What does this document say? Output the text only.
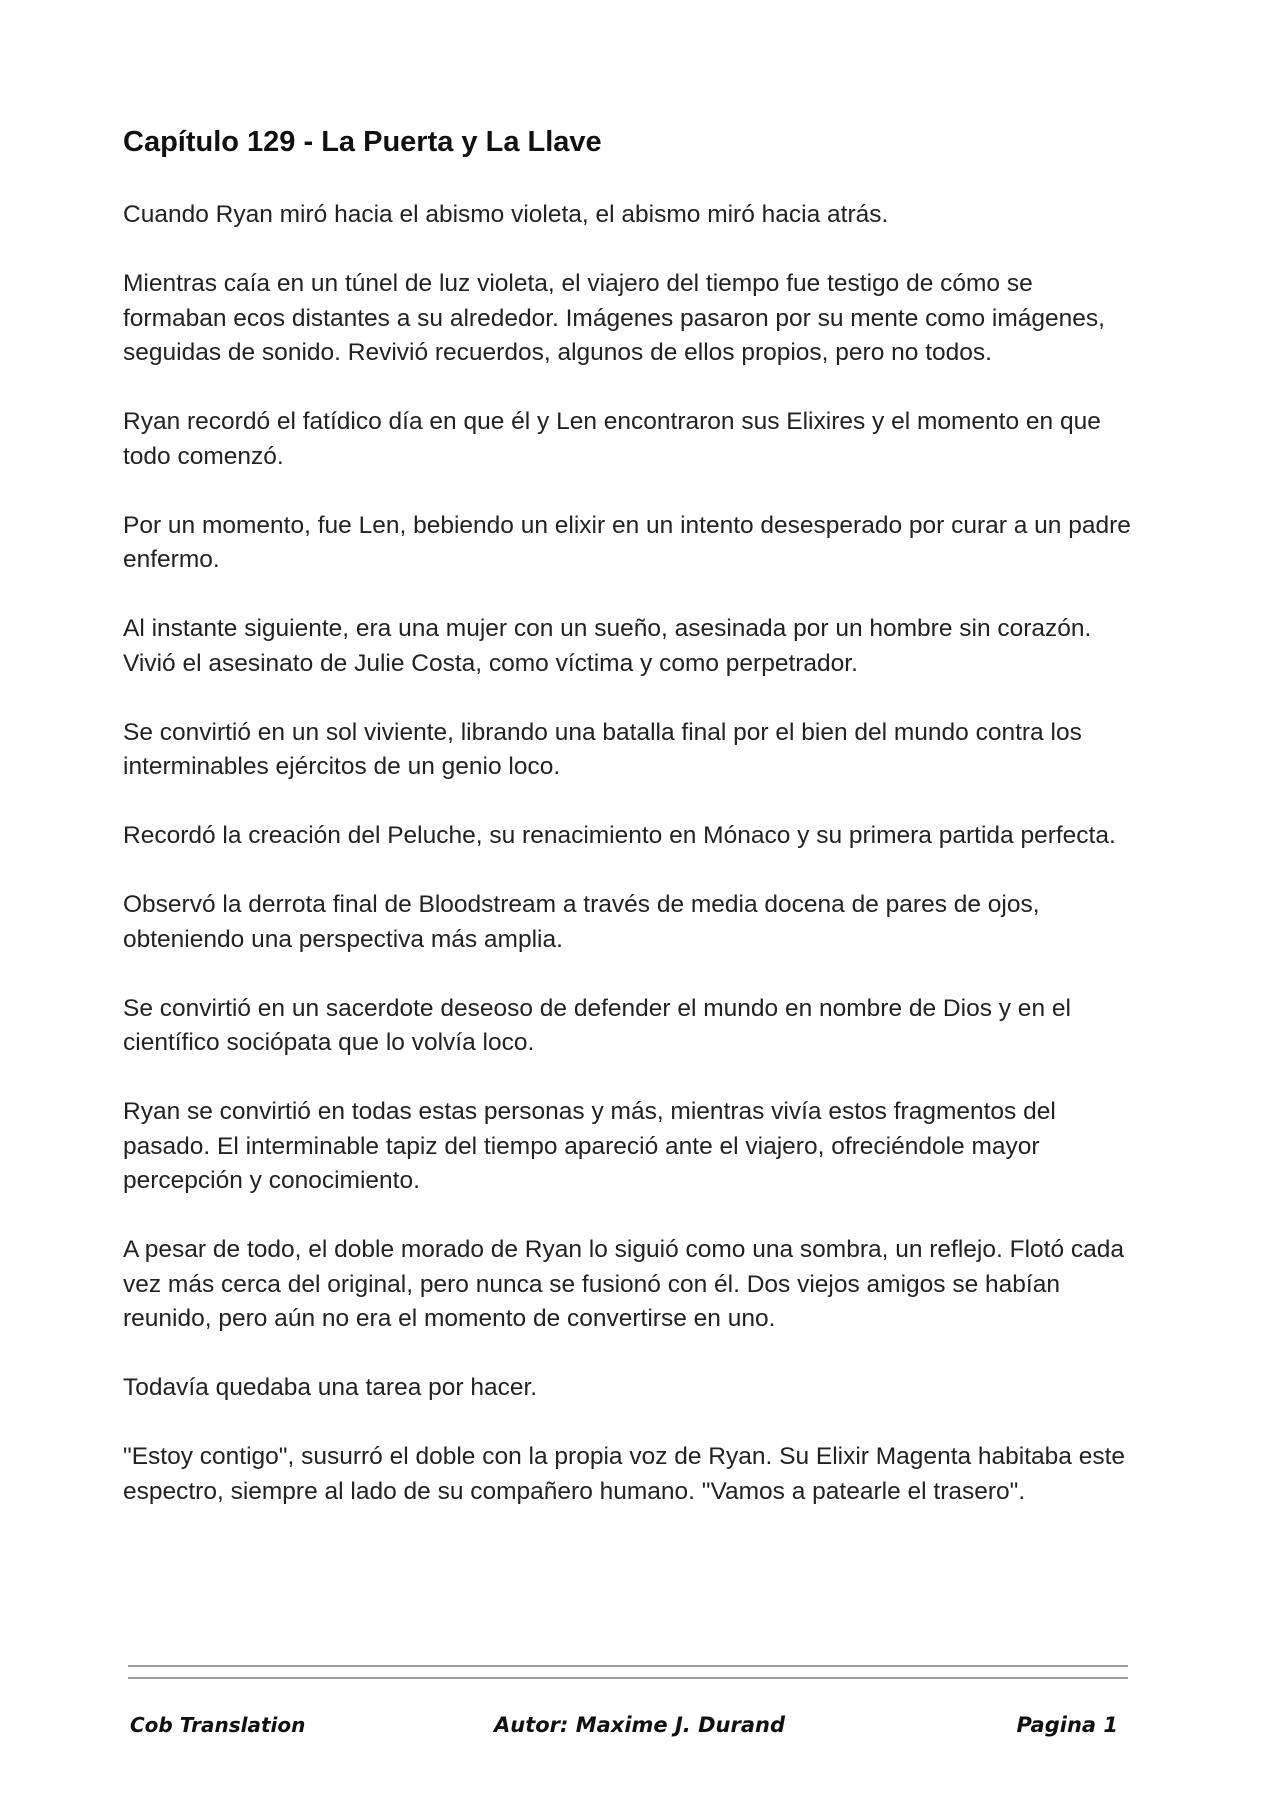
Capítulo 129 - La Puerta y La Llave

Cuando Ryan miró hacia el abismo violeta, el abismo miró hacia atrás.

Mientras caía en un túnel de luz violeta, el viajero del tiempo fue testigo de cómo se formaban ecos distantes a su alrededor. Imágenes pasaron por su mente como imágenes, seguidas de sonido. Revivió recuerdos, algunos de ellos propios, pero no todos.

Ryan recordó el fatídico día en que él y Len encontraron sus Elixires y el momento en que todo comenzó.

Por un momento, fue Len, bebiendo un elixir en un intento desesperado por curar a un padre enfermo.

Al instante siguiente, era una mujer con un sueño, asesinada por un hombre sin corazón. Vivió el asesinato de Julie Costa, como víctima y como perpetrador.

Se convirtió en un sol viviente, librando una batalla final por el bien del mundo contra los interminables ejércitos de un genio loco.

Recordó la creación del Peluche, su renacimiento en Mónaco y su primera partida perfecta.

Observó la derrota final de Bloodstream a través de media docena de pares de ojos, obteniendo una perspectiva más amplia.

Se convirtió en un sacerdote deseoso de defender el mundo en nombre de Dios y en el científico sociópata que lo volvía loco.

Ryan se convirtió en todas estas personas y más, mientras vivía estos fragmentos del pasado. El interminable tapiz del tiempo apareció ante el viajero, ofreciéndole mayor percepción y conocimiento.

A pesar de todo, el doble morado de Ryan lo siguió como una sombra, un reflejo. Flotó cada vez más cerca del original, pero nunca se fusionó con él. Dos viejos amigos se habían reunido, pero aún no era el momento de convertirse en uno.

Todavía quedaba una tarea por hacer.

"Estoy contigo", susurró el doble con la propia voz de Ryan. Su Elixir Magenta habitaba este espectro, siempre al lado de su compañero humano. "Vamos a patearle el trasero".

Cob Translation	Autor: Maxime J. Durand	Pagina 1
